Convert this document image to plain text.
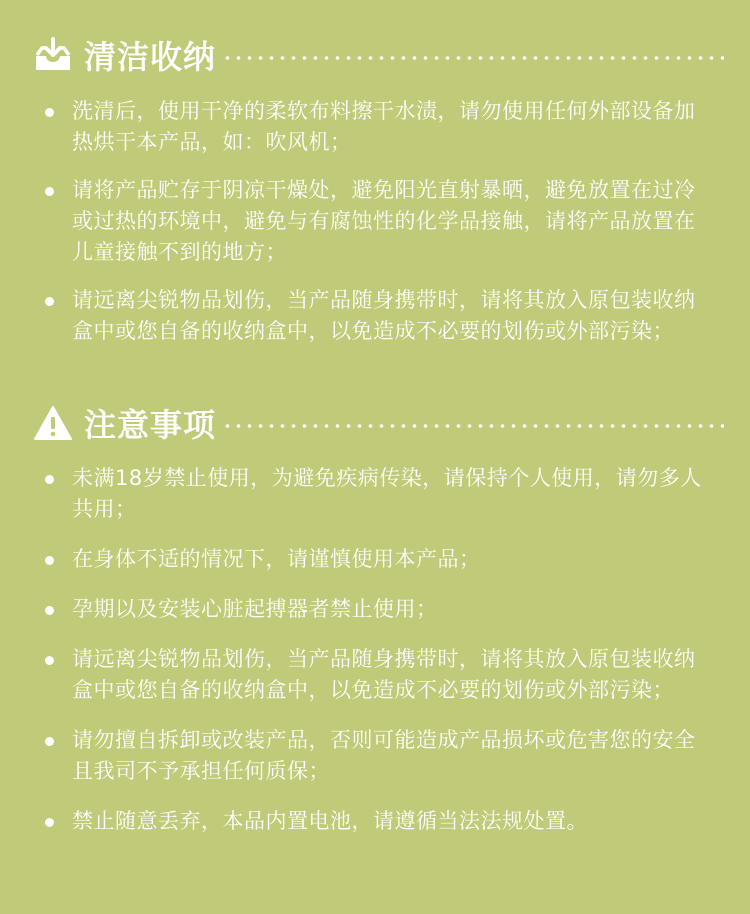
清洁收纳
洗清后，使用干净的柔软布料擦干水渍，请勿使用任何外部设备加热烘干本产品，如：吹风机；
请将产品贮存于阴凉干燥处，避免阳光直射暴晒，避免放置在过冷或过热的环境中，避免与有腐蚀性的化学品接触，请将产品放置在儿童接触不到的地方；
请远离尖锐物品划伤，当产品随身携带时，请将其放入原包装收纳盒中或您自备的收纳盒中，以免造成不必要的划伤或外部污染；
注意事项
未满18岁禁止使用，为避免疾病传染，请保持个人使用，请勿多人共用；
在身体不适的情况下，请谨慎使用本产品；
孕期以及安装心脏起搏器者禁止使用；
请远离尖锐物品划伤，当产品随身携带时，请将其放入原包装收纳盒中或您自备的收纳盒中，以免造成不必要的划伤或外部污染；
请勿擅自拆卸或改装产品，否则可能造成产品损坏或危害您的安全且我司不予承担任何质保；
禁止随意丢弃，本品内置电池，请遵循当法法规处置。
